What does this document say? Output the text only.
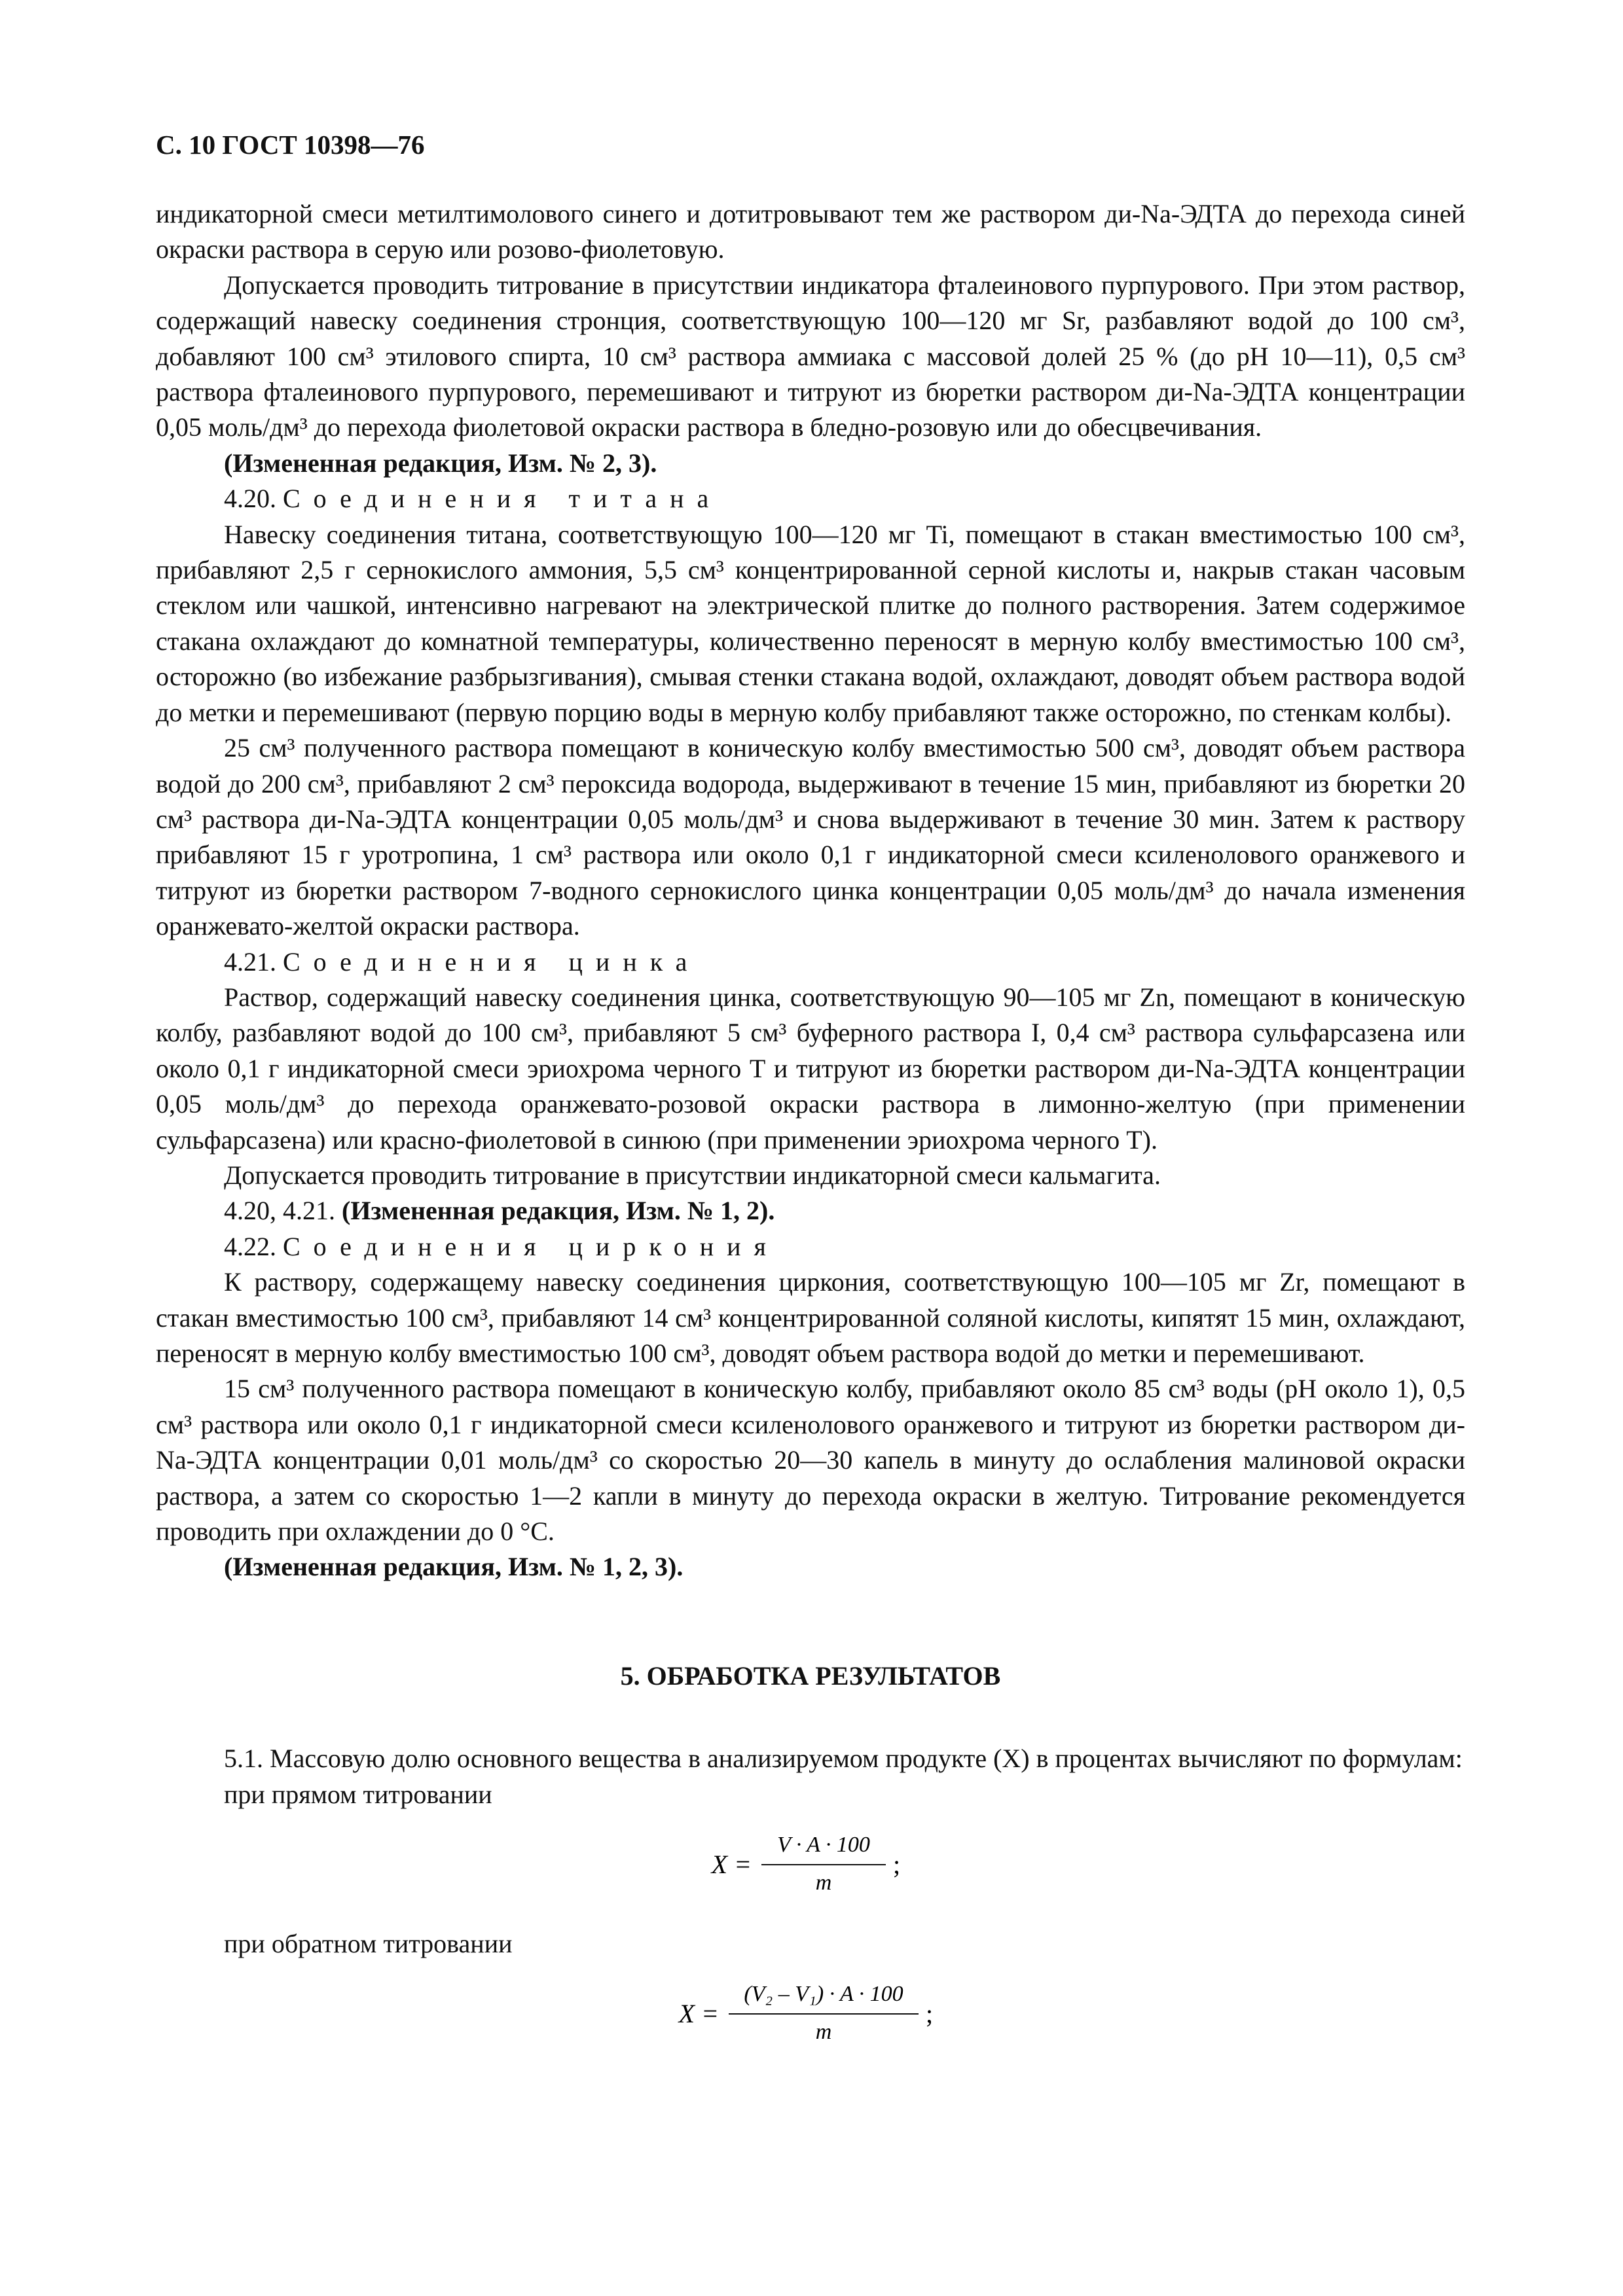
С. 10 ГОСТ 10398—76

индикаторной смеси метилтимолового синего и дотитровывают тем же раствором ди-Na-ЭДТА до перехода синей окраски раствора в серую или розово-фиолетовую.

Допускается проводить титрование в присутствии индикатора фталеинового пурпурового. При этом раствор, содержащий навеску соединения стронция, соответствующую 100—120 мг Sr, разбавляют водой до 100 см³, добавляют 100 см³ этилового спирта, 10 см³ раствора аммиака с массовой долей 25 % (до рН 10—11), 0,5 см³ раствора фталеинового пурпурового, перемешивают и титруют из бюретки раствором ди-Na-ЭДТА концентрации 0,05 моль/дм³ до перехода фиолетовой окраски раствора в бледно-розовую или до обесцвечивания.

(Измененная редакция, Изм. № 2, 3).

4.20. Соединения титана

Навеску соединения титана, соответствующую 100—120 мг Ti, помещают в стакан вместимостью 100 см³, прибавляют 2,5 г сернокислого аммония, 5,5 см³ концентрированной серной кислоты и, накрыв стакан часовым стеклом или чашкой, интенсивно нагревают на электрической плитке до полного растворения. Затем содержимое стакана охлаждают до комнатной температуры, количественно переносят в мерную колбу вместимостью 100 см³, осторожно (во избежание разбрызгивания), смывая стенки стакана водой, охлаждают, доводят объем раствора водой до метки и перемешивают (первую порцию воды в мерную колбу прибавляют также осторожно, по стенкам колбы).

25 см³ полученного раствора помещают в коническую колбу вместимостью 500 см³, доводят объем раствора водой до 200 см³, прибавляют 2 см³ пероксида водорода, выдерживают в течение 15 мин, прибавляют из бюретки 20 см³ раствора ди-Na-ЭДТА концентрации 0,05 моль/дм³ и снова выдерживают в течение 30 мин. Затем к раствору прибавляют 15 г уротропина, 1 см³ раствора или около 0,1 г индикаторной смеси ксиленолового оранжевого и титруют из бюретки раствором 7-водного сернокислого цинка концентрации 0,05 моль/дм³ до начала изменения оранжевато-желтой окраски раствора.

4.21. Соединения цинка

Раствор, содержащий навеску соединения цинка, соответствующую 90—105 мг Zn, помещают в коническую колбу, разбавляют водой до 100 см³, прибавляют 5 см³ буферного раствора I, 0,4 см³ раствора сульфарсазена или около 0,1 г индикаторной смеси эриохрома черного Т и титруют из бюретки раствором ди-Na-ЭДТА концентрации 0,05 моль/дм³ до перехода оранжевато-розовой окраски раствора в лимонно-желтую (при применении сульфарсазена) или красно-фиолетовой в синюю (при применении эриохрома черного Т).

Допускается проводить титрование в присутствии индикаторной смеси кальмагита.

4.20, 4.21. (Измененная редакция, Изм. № 1, 2).

4.22. Соединения циркония

К раствору, содержащему навеску соединения циркония, соответствующую 100—105 мг Zr, помещают в стакан вместимостью 100 см³, прибавляют 14 см³ концентрированной соляной кислоты, кипятят 15 мин, охлаждают, переносят в мерную колбу вместимостью 100 см³, доводят объем раствора водой до метки и перемешивают.

15 см³ полученного раствора помещают в коническую колбу, прибавляют около 85 см³ воды (рН около 1), 0,5 см³ раствора или около 0,1 г индикаторной смеси ксиленолового оранжевого и титруют из бюретки раствором ди-Na-ЭДТА концентрации 0,01 моль/дм³ со скоростью 20—30 капель в минуту до ослабления малиновой окраски раствора, а затем со скоростью 1—2 капли в минуту до перехода окраски в желтую. Титрование рекомендуется проводить при охлаждении до 0 °С.

(Измененная редакция, Изм. № 1, 2, 3).

5. ОБРАБОТКА РЕЗУЛЬТАТОВ

5.1. Массовую долю основного вещества в анализируемом продукте (X) в процентах вычисляют по формулам:

при прямом титровании

X =
V · A · 100
m
;

при обратном титровании

X =
(V₂ – V₁) · A · 100
m
;
